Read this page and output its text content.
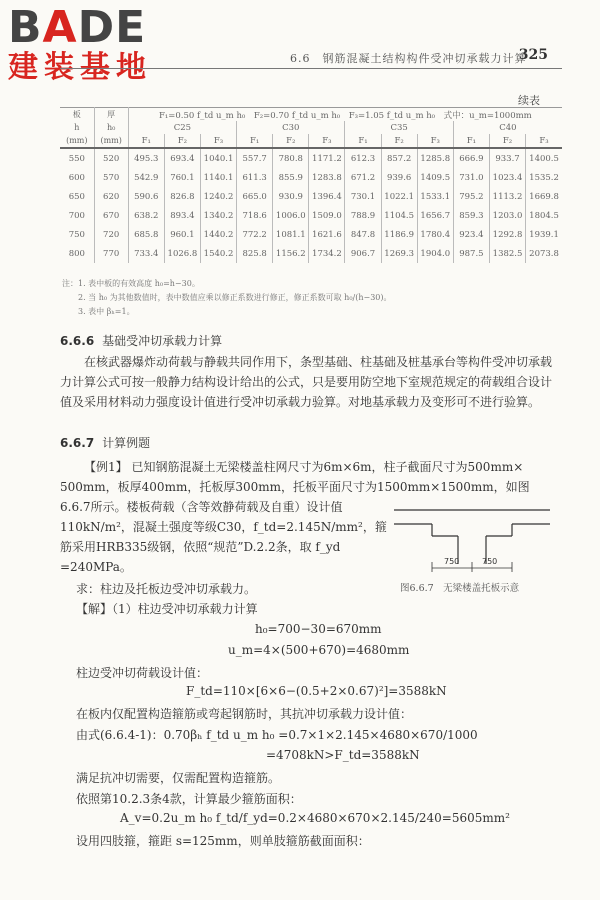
BADE
建装基地	6.6　钢筋混凝土结构构件受冲切承载力计算
325
续表
板	厚	F₁=0.50 f_td u_m h₀　F₂=0.70 f_td u_m h₀　F₃=1.05 f_td u_m h₀　式中：u_m=1000mm											
h	h₀	C25			C30			C35			C40		
(mm)	(mm)	F₁	F₂	F₃	F₁	F₂	F₃	F₁	F₂	F₃	F₁	F₂	F₃
550	520	495.3	693.4	1040.1	557.7	780.8	1171.2	612.3	857.2	1285.8	666.9	933.7	1400.5
600	570	542.9	760.1	1140.1	611.3	855.9	1283.8	671.2	939.6	1409.5	731.0	1023.4	1535.2
650	620	590.6	826.8	1240.2	665.0	930.9	1396.4	730.1	1022.1	1533.1	795.2	1113.2	1669.8
700	670	638.2	893.4	1340.2	718.6	1006.0	1509.0	788.9	1104.5	1656.7	859.3	1203.0	1804.5
750	720	685.8	960.1	1440.2	772.2	1081.1	1621.6	847.8	1186.9	1780.4	923.4	1292.8	1939.1
800	770	733.4	1026.8	1540.2	825.8	1156.2	1734.2	906.7	1269.3	1904.0	987.5	1382.5	2073.8
注：1. 表中板的有效高度 h₀=h−30。
　　2. 当 h₀ 为其他数值时，表中数值应乘以修正系数进行修正，修正系数可取 h₀/(h−30)。
　　3. 表中 βₕ=1。
6.6.6 基础受冲切承载力计算
在核武器爆炸动荷载与静载共同作用下，条型基础、柱基础及桩基承台等构件受冲切承载力计算公式可按一般静力结构设计给出的公式，只是要用防空地下室规范规定的荷载组合设计值及采用材料动力强度设计值进行受冲切承载力验算。对地基承载力及变形可不进行验算。
6.6.7 计算例题
【例1】 已知钢筋混凝土无梁楼盖柱网尺寸为6m×6m，柱子截面尺寸为500mm×
500mm，板厚400mm，托板厚300mm，托板平面尺寸为1500mm×1500mm，如图
6.6.7所示。楼板荷载（含等效静荷载及自重）设计值
110kN/m²，混凝土强度等级C30，f_td=2.145N/mm²，箍
筋采用HRB335级钢，依照“规范”D.2.2条，取 f_yd
=240MPa。
求：柱边及托板边受冲切承载力。
【解】（1）柱边受冲切承载力计算
h₀=700−30=670mm
u_m=4×(500+670)=4680mm
柱边受冲切荷载设计值：
F_td=110×[6×6−(0.5+2×0.67)²]=3588kN
在板内仅配置构造箍筋或弯起钢筋时，其抗冲切承载力设计值：
由式(6.6.4-1)：0.70βₕ f_td u_m h₀ =0.7×1×2.145×4680×670/1000
=4708kN>F_td=3588kN
满足抗冲切需要，仅需配置构造箍筋。
依照第10.2.3条4款，计算最少箍筋面积：
A_v=0.2u_m h₀ f_td/f_yd=0.2×4680×670×2.145/240=5605mm²
设用四肢箍，箍距 s=125mm，则单肢箍筋截面面积：
750	750
图6.6.7　无梁楼盖托板示意
